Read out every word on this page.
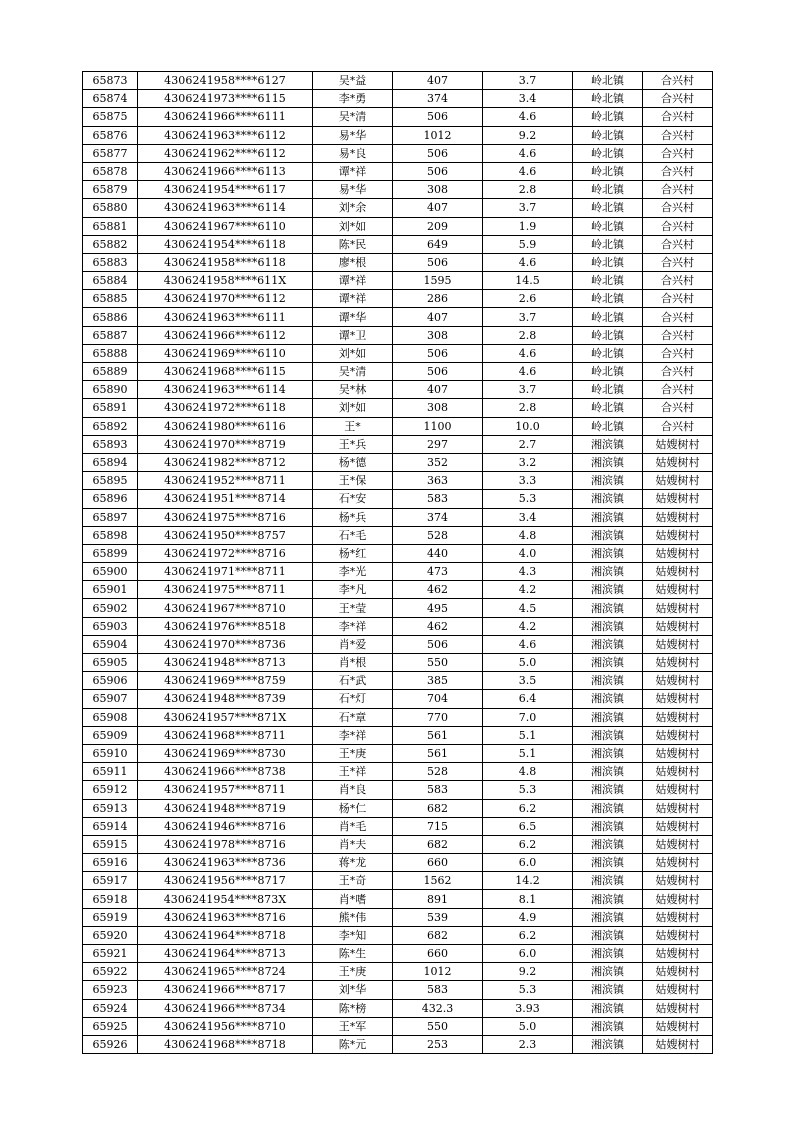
65873	4306241958****6127	吴*益	407	3.7	岭北镇	合兴村
65874	4306241973****6115	李*勇	374	3.4	岭北镇	合兴村
65875	4306241966****6111	吴*清	506	4.6	岭北镇	合兴村
65876	4306241963****6112	易*华	1012	9.2	岭北镇	合兴村
65877	4306241962****6112	易*良	506	4.6	岭北镇	合兴村
65878	4306241966****6113	谭*祥	506	4.6	岭北镇	合兴村
65879	4306241954****6117	易*华	308	2.8	岭北镇	合兴村
65880	4306241963****6114	刘*余	407	3.7	岭北镇	合兴村
65881	4306241967****6110	刘*如	209	1.9	岭北镇	合兴村
65882	4306241954****6118	陈*民	649	5.9	岭北镇	合兴村
65883	4306241958****6118	廖*根	506	4.6	岭北镇	合兴村
65884	4306241958****611X	谭*祥	1595	14.5	岭北镇	合兴村
65885	4306241970****6112	谭*祥	286	2.6	岭北镇	合兴村
65886	4306241963****6111	谭*华	407	3.7	岭北镇	合兴村
65887	4306241966****6112	谭*卫	308	2.8	岭北镇	合兴村
65888	4306241969****6110	刘*如	506	4.6	岭北镇	合兴村
65889	4306241968****6115	吴*清	506	4.6	岭北镇	合兴村
65890	4306241963****6114	吴*林	407	3.7	岭北镇	合兴村
65891	4306241972****6118	刘*如	308	2.8	岭北镇	合兴村
65892	4306241980****6116	王*	1100	10.0	岭北镇	合兴村
65893	4306241970****8719	王*兵	297	2.7	湘滨镇	姑嫂树村
65894	4306241982****8712	杨*德	352	3.2	湘滨镇	姑嫂树村
65895	4306241952****8711	王*保	363	3.3	湘滨镇	姑嫂树村
65896	4306241951****8714	石*安	583	5.3	湘滨镇	姑嫂树村
65897	4306241975****8716	杨*兵	374	3.4	湘滨镇	姑嫂树村
65898	4306241950****8757	石*毛	528	4.8	湘滨镇	姑嫂树村
65899	4306241972****8716	杨*红	440	4.0	湘滨镇	姑嫂树村
65900	4306241971****8711	李*光	473	4.3	湘滨镇	姑嫂树村
65901	4306241975****8711	李*凡	462	4.2	湘滨镇	姑嫂树村
65902	4306241967****8710	王*莹	495	4.5	湘滨镇	姑嫂树村
65903	4306241976****8518	李*祥	462	4.2	湘滨镇	姑嫂树村
65904	4306241970****8736	肖*爱	506	4.6	湘滨镇	姑嫂树村
65905	4306241948****8713	肖*根	550	5.0	湘滨镇	姑嫂树村
65906	4306241969****8759	石*武	385	3.5	湘滨镇	姑嫂树村
65907	4306241948****8739	石*灯	704	6.4	湘滨镇	姑嫂树村
65908	4306241957****871X	石*章	770	7.0	湘滨镇	姑嫂树村
65909	4306241968****8711	李*祥	561	5.1	湘滨镇	姑嫂树村
65910	4306241969****8730	王*庚	561	5.1	湘滨镇	姑嫂树村
65911	4306241966****8738	王*祥	528	4.8	湘滨镇	姑嫂树村
65912	4306241957****8711	肖*良	583	5.3	湘滨镇	姑嫂树村
65913	4306241948****8719	杨*仁	682	6.2	湘滨镇	姑嫂树村
65914	4306241946****8716	肖*毛	715	6.5	湘滨镇	姑嫂树村
65915	4306241978****8716	肖*夫	682	6.2	湘滨镇	姑嫂树村
65916	4306241963****8736	蒋*龙	660	6.0	湘滨镇	姑嫂树村
65917	4306241956****8717	王*奇	1562	14.2	湘滨镇	姑嫂树村
65918	4306241954****873X	肖*嗜	891	8.1	湘滨镇	姑嫂树村
65919	4306241963****8716	熊*伟	539	4.9	湘滨镇	姑嫂树村
65920	4306241964****8718	李*知	682	6.2	湘滨镇	姑嫂树村
65921	4306241964****8713	陈*生	660	6.0	湘滨镇	姑嫂树村
65922	4306241965****8724	王*庚	1012	9.2	湘滨镇	姑嫂树村
65923	4306241966****8717	刘*华	583	5.3	湘滨镇	姑嫂树村
65924	4306241966****8734	陈*榜	432.3	3.93	湘滨镇	姑嫂树村
65925	4306241956****8710	王*军	550	5.0	湘滨镇	姑嫂树村
65926	4306241968****8718	陈*元	253	2.3	湘滨镇	姑嫂树村
